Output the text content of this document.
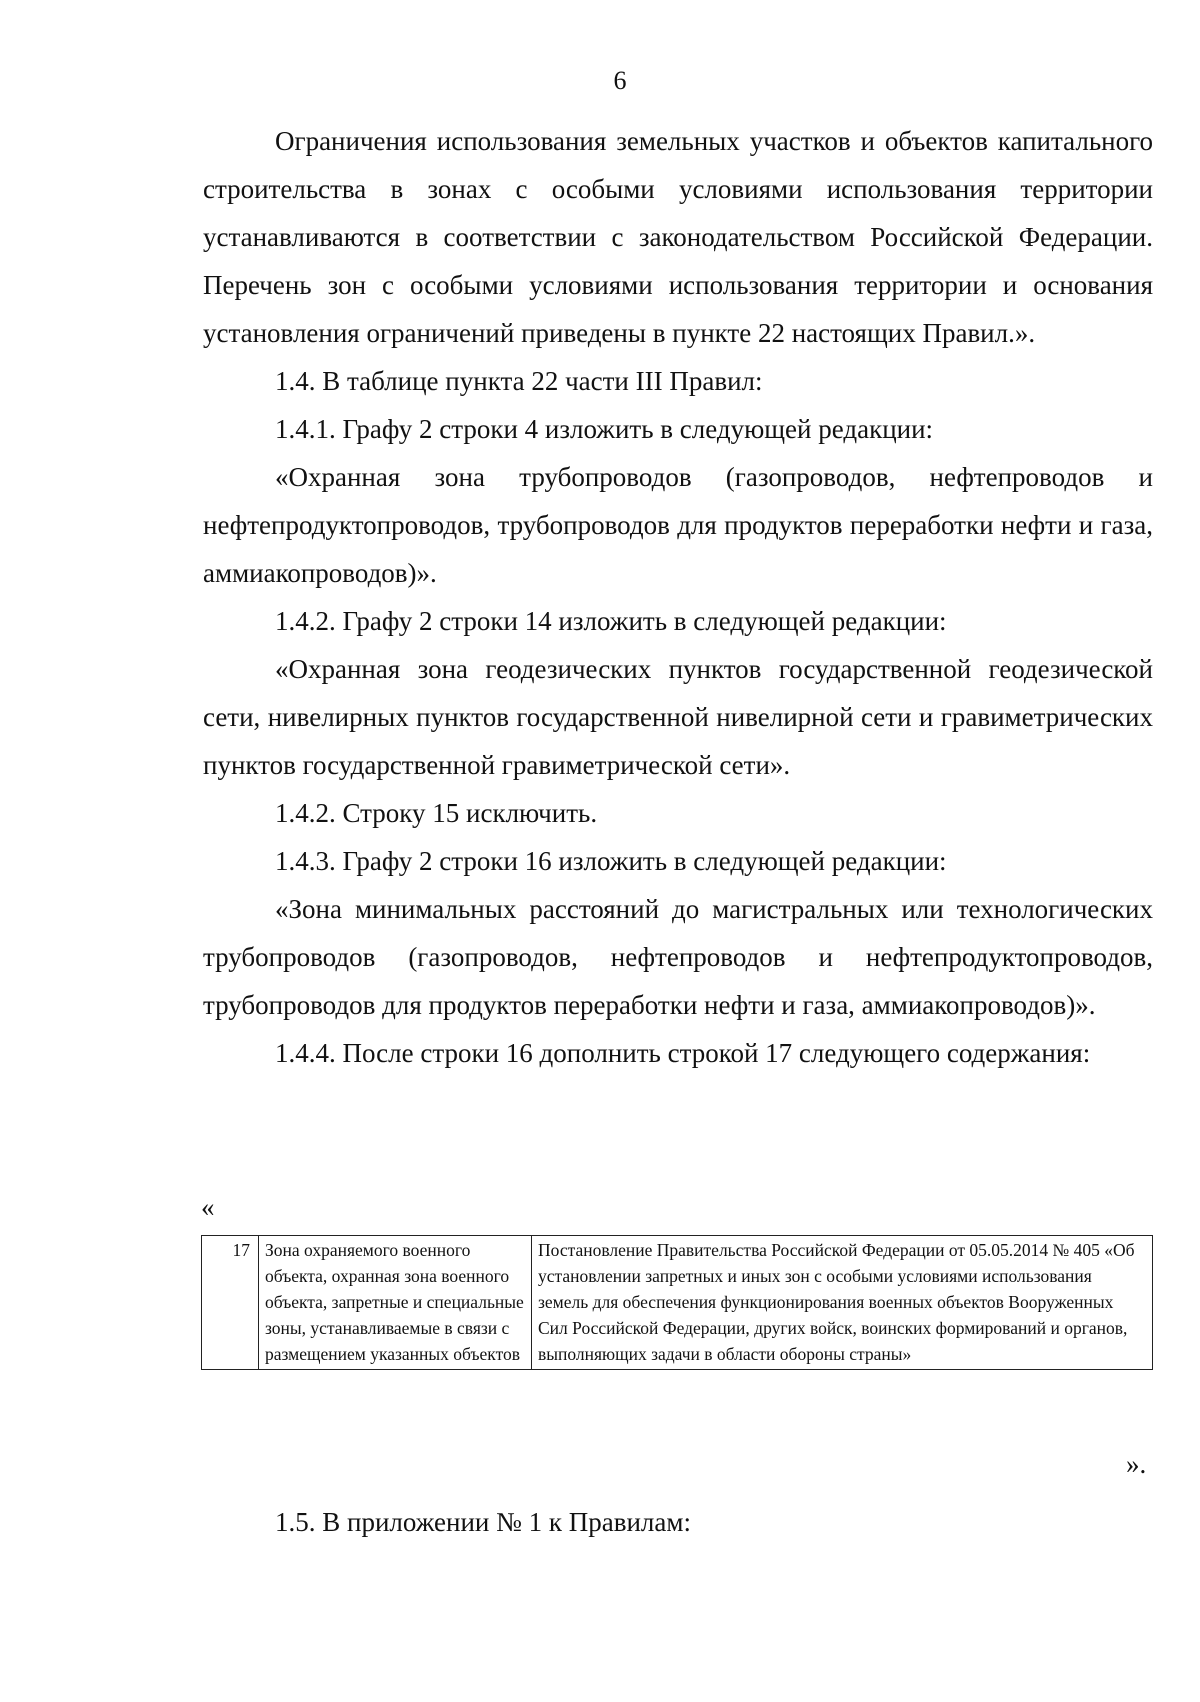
6

Ограничения использования земельных участков и объектов капитального строительства в зонах с особыми условиями использования территории устанавливаются в соответствии с законодательством Российской Федерации. Перечень зон с особыми условиями использования территории и основания установления ограничений приведены в пункте 22 настоящих Правил.».

1.4. В таблице пункта 22 части III Правил:

1.4.1. Графу 2 строки 4 изложить в следующей редакции:

«Охранная зона трубопроводов (газопроводов, нефтепроводов и нефтепродуктопроводов, трубопроводов для продуктов переработки нефти и газа, аммиакопроводов)».

1.4.2. Графу 2 строки 14 изложить в следующей редакции:

«Охранная зона геодезических пунктов государственной геодезической сети, нивелирных пунктов государственной нивелирной сети и гравиметрических пунктов государственной гравиметрической сети».

1.4.2. Строку 15 исключить.

1.4.3. Графу 2 строки 16 изложить в следующей редакции:

«Зона минимальных расстояний до магистральных или технологических трубопроводов (газопроводов, нефтепроводов и нефтепродуктопроводов, трубопроводов для продуктов переработки нефти и газа, аммиакопроводов)».

1.4.4. После строки 16 дополнить строкой 17 следующего содержания:

«
17	Зона охраняемого военного объекта, охранная зона военного объекта, запретные и специальные зоны, устанавливаемые в связи с размещением указанных объектов	Постановление Правительства Российской Федерации от 05.05.2014 № 405 «Об установлении запретных и иных зон с особыми условиями использования земель для обеспечения функционирования военных объектов Вооруженных Сил Российской Федерации, других войск, воинских формирований и органов, выполняющих задачи в области обороны страны»
».
1.5. В приложении № 1 к Правилам:
